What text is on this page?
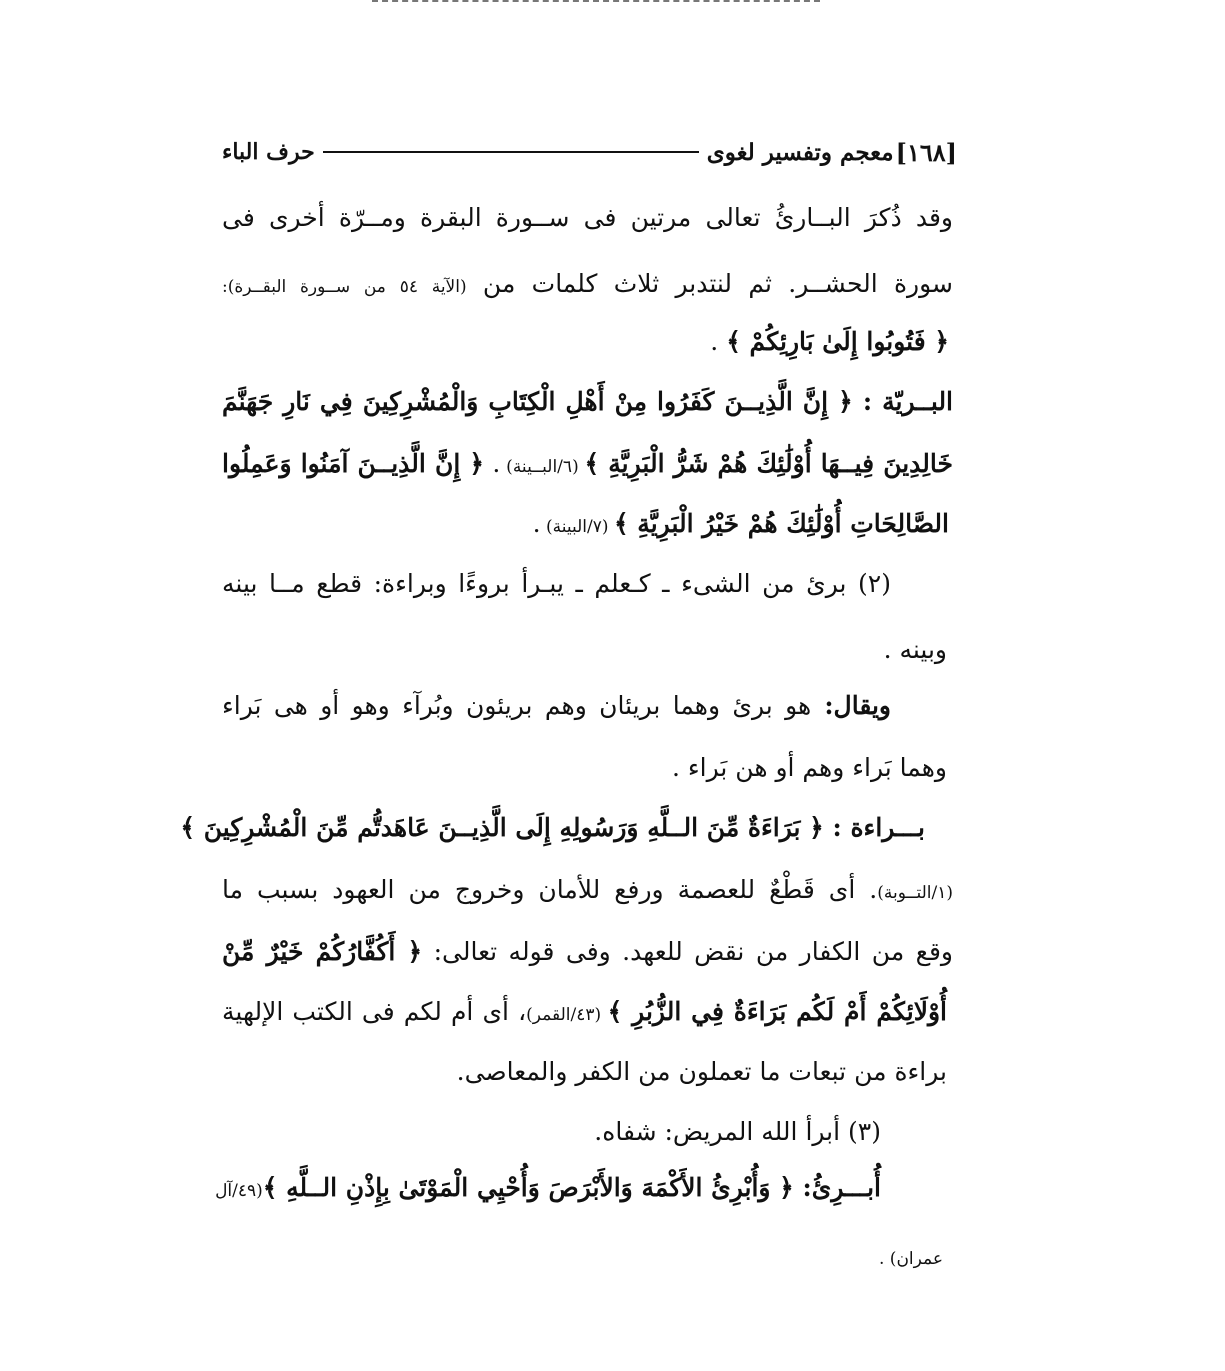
[١٦٨]
معجم وتفسير لغوى
حرف الباء
وقد ذُكرَ البــارئُ تعالى مرتين فى ســورة البقرة ومــرّة أخرى فى
سورة الحشــر. ثم لنتدبر ثلاث كلمات من (الآية ٥٤ من ســورة البقــرة):
﴿ فَتُوبُوا إِلَىٰ بَارِئِكُمْ ﴾ .
البــريّة : ﴿ إِنَّ الَّذِيــنَ كَفَرُوا مِنْ أَهْلِ الْكِتَابِ وَالْمُشْرِكِينَ فِي نَارِ جَهَنَّمَ
خَالِدِينَ فِيــهَا أُوْلَٰئِكَ هُمْ شَرُّ الْبَرِيَّةِ ﴾ (٦/البــينة) . ﴿ إِنَّ الَّذِيــنَ آمَنُوا وَعَمِلُوا
الصَّالِحَاتِ أُوْلَٰئِكَ هُمْ خَيْرُ الْبَرِيَّةِ ﴾ (٧/البينة) .
(٢) برئ من الشىء ـ كـعلم ـ يبـرأ بروءًا وبراءة: قطع مــا بينه
وبينه .
ويقال: هو برئ وهما بريئان وهم بريئون وبُرآء وهو أو هى بَراء
وهما بَراء وهم أو هن بَراء .
بـــراءة : ﴿ بَرَاءَةٌ مِّنَ الــلَّهِ وَرَسُولِهِ إِلَى الَّذِيــنَ عَاهَدتُّم مِّنَ الْمُشْرِكِينَ ﴾
(١/التــوبة). أى قَطْعٌ للعصمة ورفع للأمان وخروج من العهود بسبب ما
وقع من الكفار من نقض للعهد. وفى قوله تعالى: ﴿ أَكُفَّارُكُمْ خَيْرٌ مِّنْ
أُوْلَائِكُمْ أَمْ لَكُم بَرَاءَةٌ فِي الزُّبُرِ ﴾ (٤٣/القمر)، أى أم لكم فى الكتب الإلهية
براءة من تبعات ما تعملون من الكفر والمعاصى.
(٣) أبرأ الله المريض: شفاه.
أُبـــرِئُ: ﴿ وَأُبْرِئُ الأَكْمَهَ وَالأَبْرَصَ وَأُحْيِي الْمَوْتَىٰ بِإِذْنِ الــلَّهِ ﴾(٤٩/آل
عمران) .
